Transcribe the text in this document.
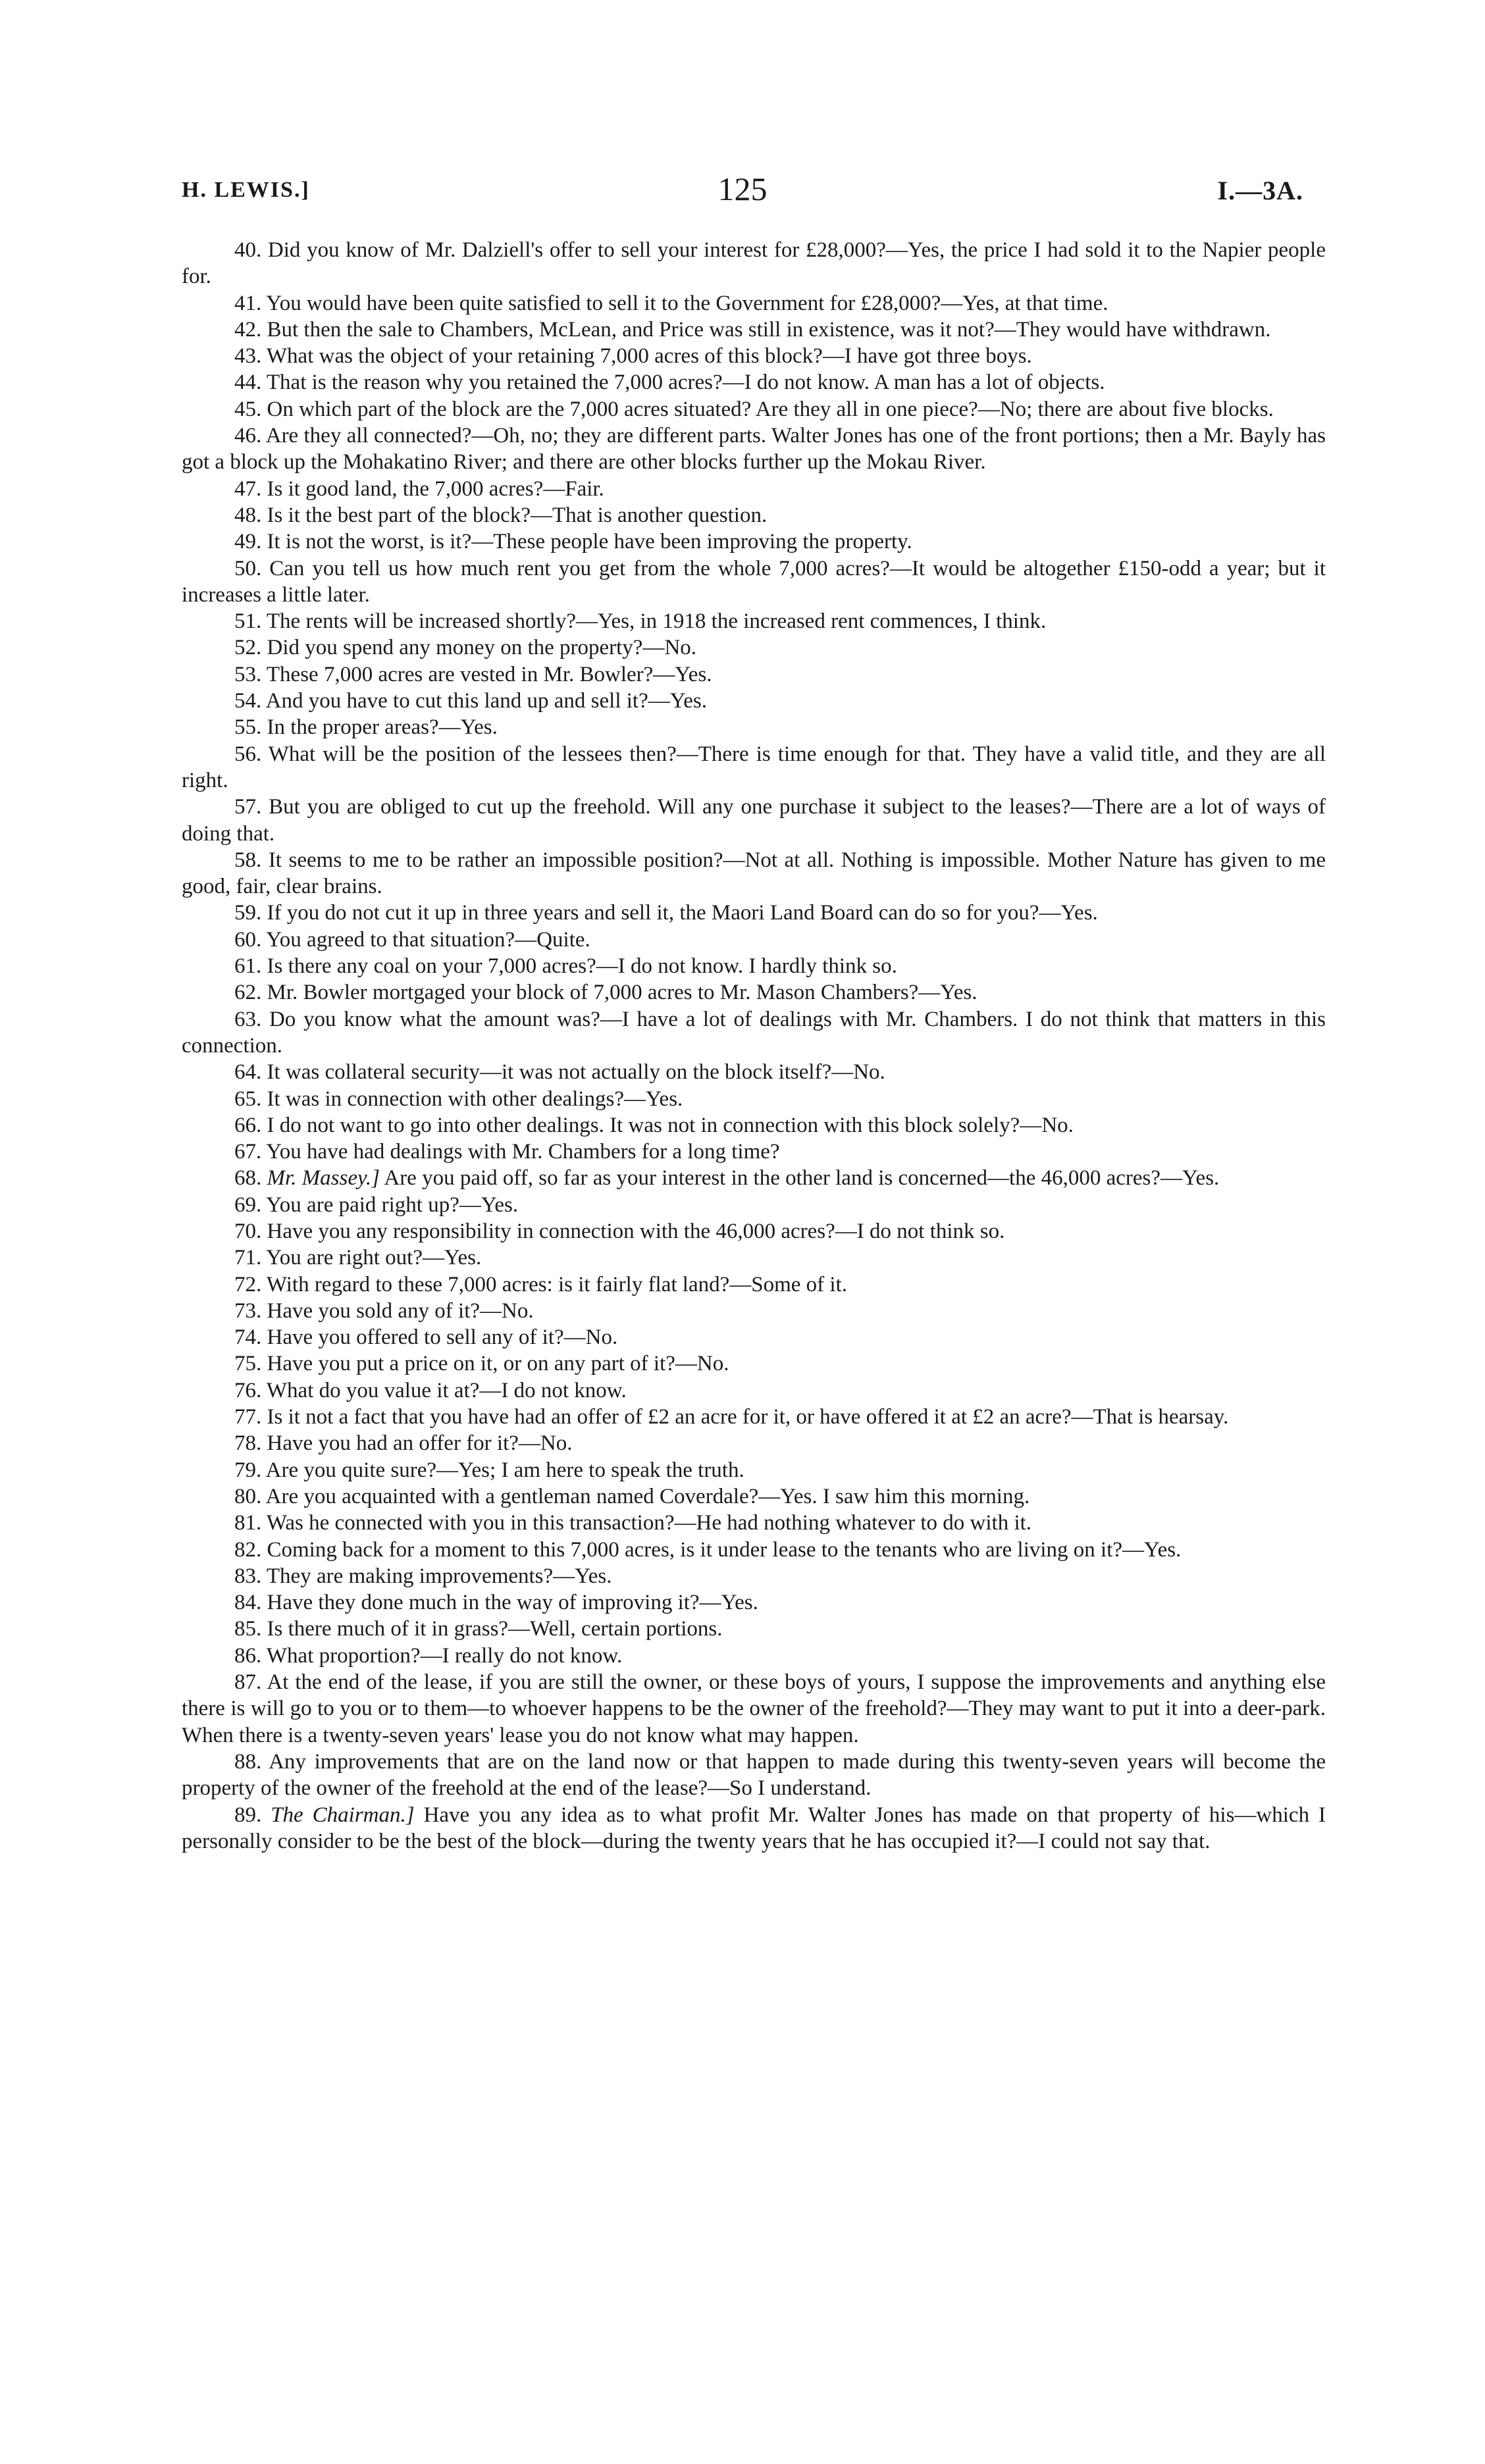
H. LEWIS.]	125	I.—3A.

40. Did you know of Mr. Dalziell's offer to sell your interest for £28,000?—Yes, the price I had sold it to the Napier people for.

41. You would have been quite satisfied to sell it to the Government for £28,000?—Yes, at that time.

42. But then the sale to Chambers, McLean, and Price was still in existence, was it not?—They would have withdrawn.

43. What was the object of your retaining 7,000 acres of this block?—I have got three boys.

44. That is the reason why you retained the 7,000 acres?—I do not know. A man has a lot of objects.

45. On which part of the block are the 7,000 acres situated? Are they all in one piece?—No; there are about five blocks.

46. Are they all connected?—Oh, no; they are different parts. Walter Jones has one of the front portions; then a Mr. Bayly has got a block up the Mohakatino River; and there are other blocks further up the Mokau River.

47. Is it good land, the 7,000 acres?—Fair.

48. Is it the best part of the block?—That is another question.

49. It is not the worst, is it?—These people have been improving the property.

50. Can you tell us how much rent you get from the whole 7,000 acres?—It would be altogether £150-odd a year; but it increases a little later.

51. The rents will be increased shortly?—Yes, in 1918 the increased rent commences, I think.

52. Did you spend any money on the property?—No.

53. These 7,000 acres are vested in Mr. Bowler?—Yes.

54. And you have to cut this land up and sell it?—Yes.

55. In the proper areas?—Yes.

56. What will be the position of the lessees then?—There is time enough for that. They have a valid title, and they are all right.

57. But you are obliged to cut up the freehold. Will any one purchase it subject to the leases?—There are a lot of ways of doing that.

58. It seems to me to be rather an impossible position?—Not at all. Nothing is impossible. Mother Nature has given to me good, fair, clear brains.

59. If you do not cut it up in three years and sell it, the Maori Land Board can do so for you?—Yes.

60. You agreed to that situation?—Quite.

61. Is there any coal on your 7,000 acres?—I do not know. I hardly think so.

62. Mr. Bowler mortgaged your block of 7,000 acres to Mr. Mason Chambers?—Yes.

63. Do you know what the amount was?—I have a lot of dealings with Mr. Chambers. I do not think that matters in this connection.

64. It was collateral security—it was not actually on the block itself?—No.

65. It was in connection with other dealings?—Yes.

66. I do not want to go into other dealings. It was not in connection with this block solely?—No.

67. You have had dealings with Mr. Chambers for a long time?

68. Mr. Massey.] Are you paid off, so far as your interest in the other land is concerned—the 46,000 acres?—Yes.

69. You are paid right up?—Yes.

70. Have you any responsibility in connection with the 46,000 acres?—I do not think so.

71. You are right out?—Yes.

72. With regard to these 7,000 acres: is it fairly flat land?—Some of it.

73. Have you sold any of it?—No.

74. Have you offered to sell any of it?—No.

75. Have you put a price on it, or on any part of it?—No.

76. What do you value it at?—I do not know.

77. Is it not a fact that you have had an offer of £2 an acre for it, or have offered it at £2 an acre?—That is hearsay.

78. Have you had an offer for it?—No.

79. Are you quite sure?—Yes; I am here to speak the truth.

80. Are you acquainted with a gentleman named Coverdale?—Yes. I saw him this morning.

81. Was he connected with you in this transaction?—He had nothing whatever to do with it.

82. Coming back for a moment to this 7,000 acres, is it under lease to the tenants who are living on it?—Yes.

83. They are making improvements?—Yes.

84. Have they done much in the way of improving it?—Yes.

85. Is there much of it in grass?—Well, certain portions.

86. What proportion?—I really do not know.

87. At the end of the lease, if you are still the owner, or these boys of yours, I suppose the improvements and anything else there is will go to you or to them—to whoever happens to be the owner of the freehold?—They may want to put it into a deer-park. When there is a twenty-seven years' lease you do not know what may happen.

88. Any improvements that are on the land now or that happen to made during this twenty-seven years will become the property of the owner of the freehold at the end of the lease?—So I understand.

89. The Chairman.] Have you any idea as to what profit Mr. Walter Jones has made on that property of his—which I personally consider to be the best of the block—during the twenty years that he has occupied it?—I could not say that.
